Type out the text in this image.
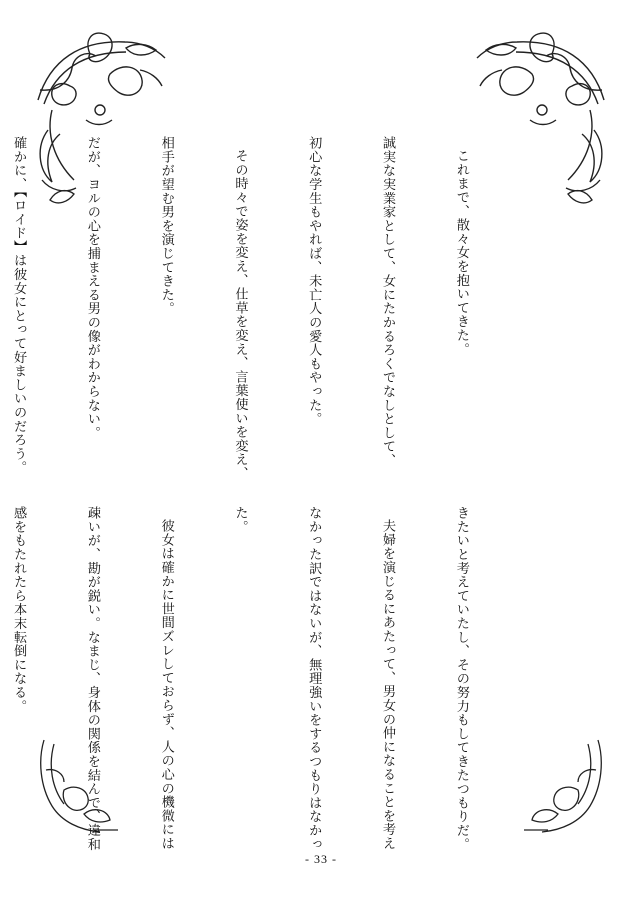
これまで、散々女を抱いてきた。

誠実な実業家として、女にたかるろくでなしとして、

初心な学生もやれば、未亡人の愛人もやった。

その時々で姿を変え、仕草を変え、言葉使いを変え、

相手が望む男を演じてきた。

だが、ヨルの心を捕まえる男の像がわからない。

確かに、【ロイド】は彼女にとって好ましいのだろう。

きたいと考えていたし、その努力もしてきたつもりだ。

夫婦を演じるにあたって、男女の仲になることを考え

なかった訳ではないが、無理強いをするつもりはなかっ

た。

彼女は確かに世間ズレしておらず、人の心の機微には

疎いが、勘が鋭い。なまじ、身体の関係を結んで、違和

感をもたれたら本末転倒になる。

- 33 -
